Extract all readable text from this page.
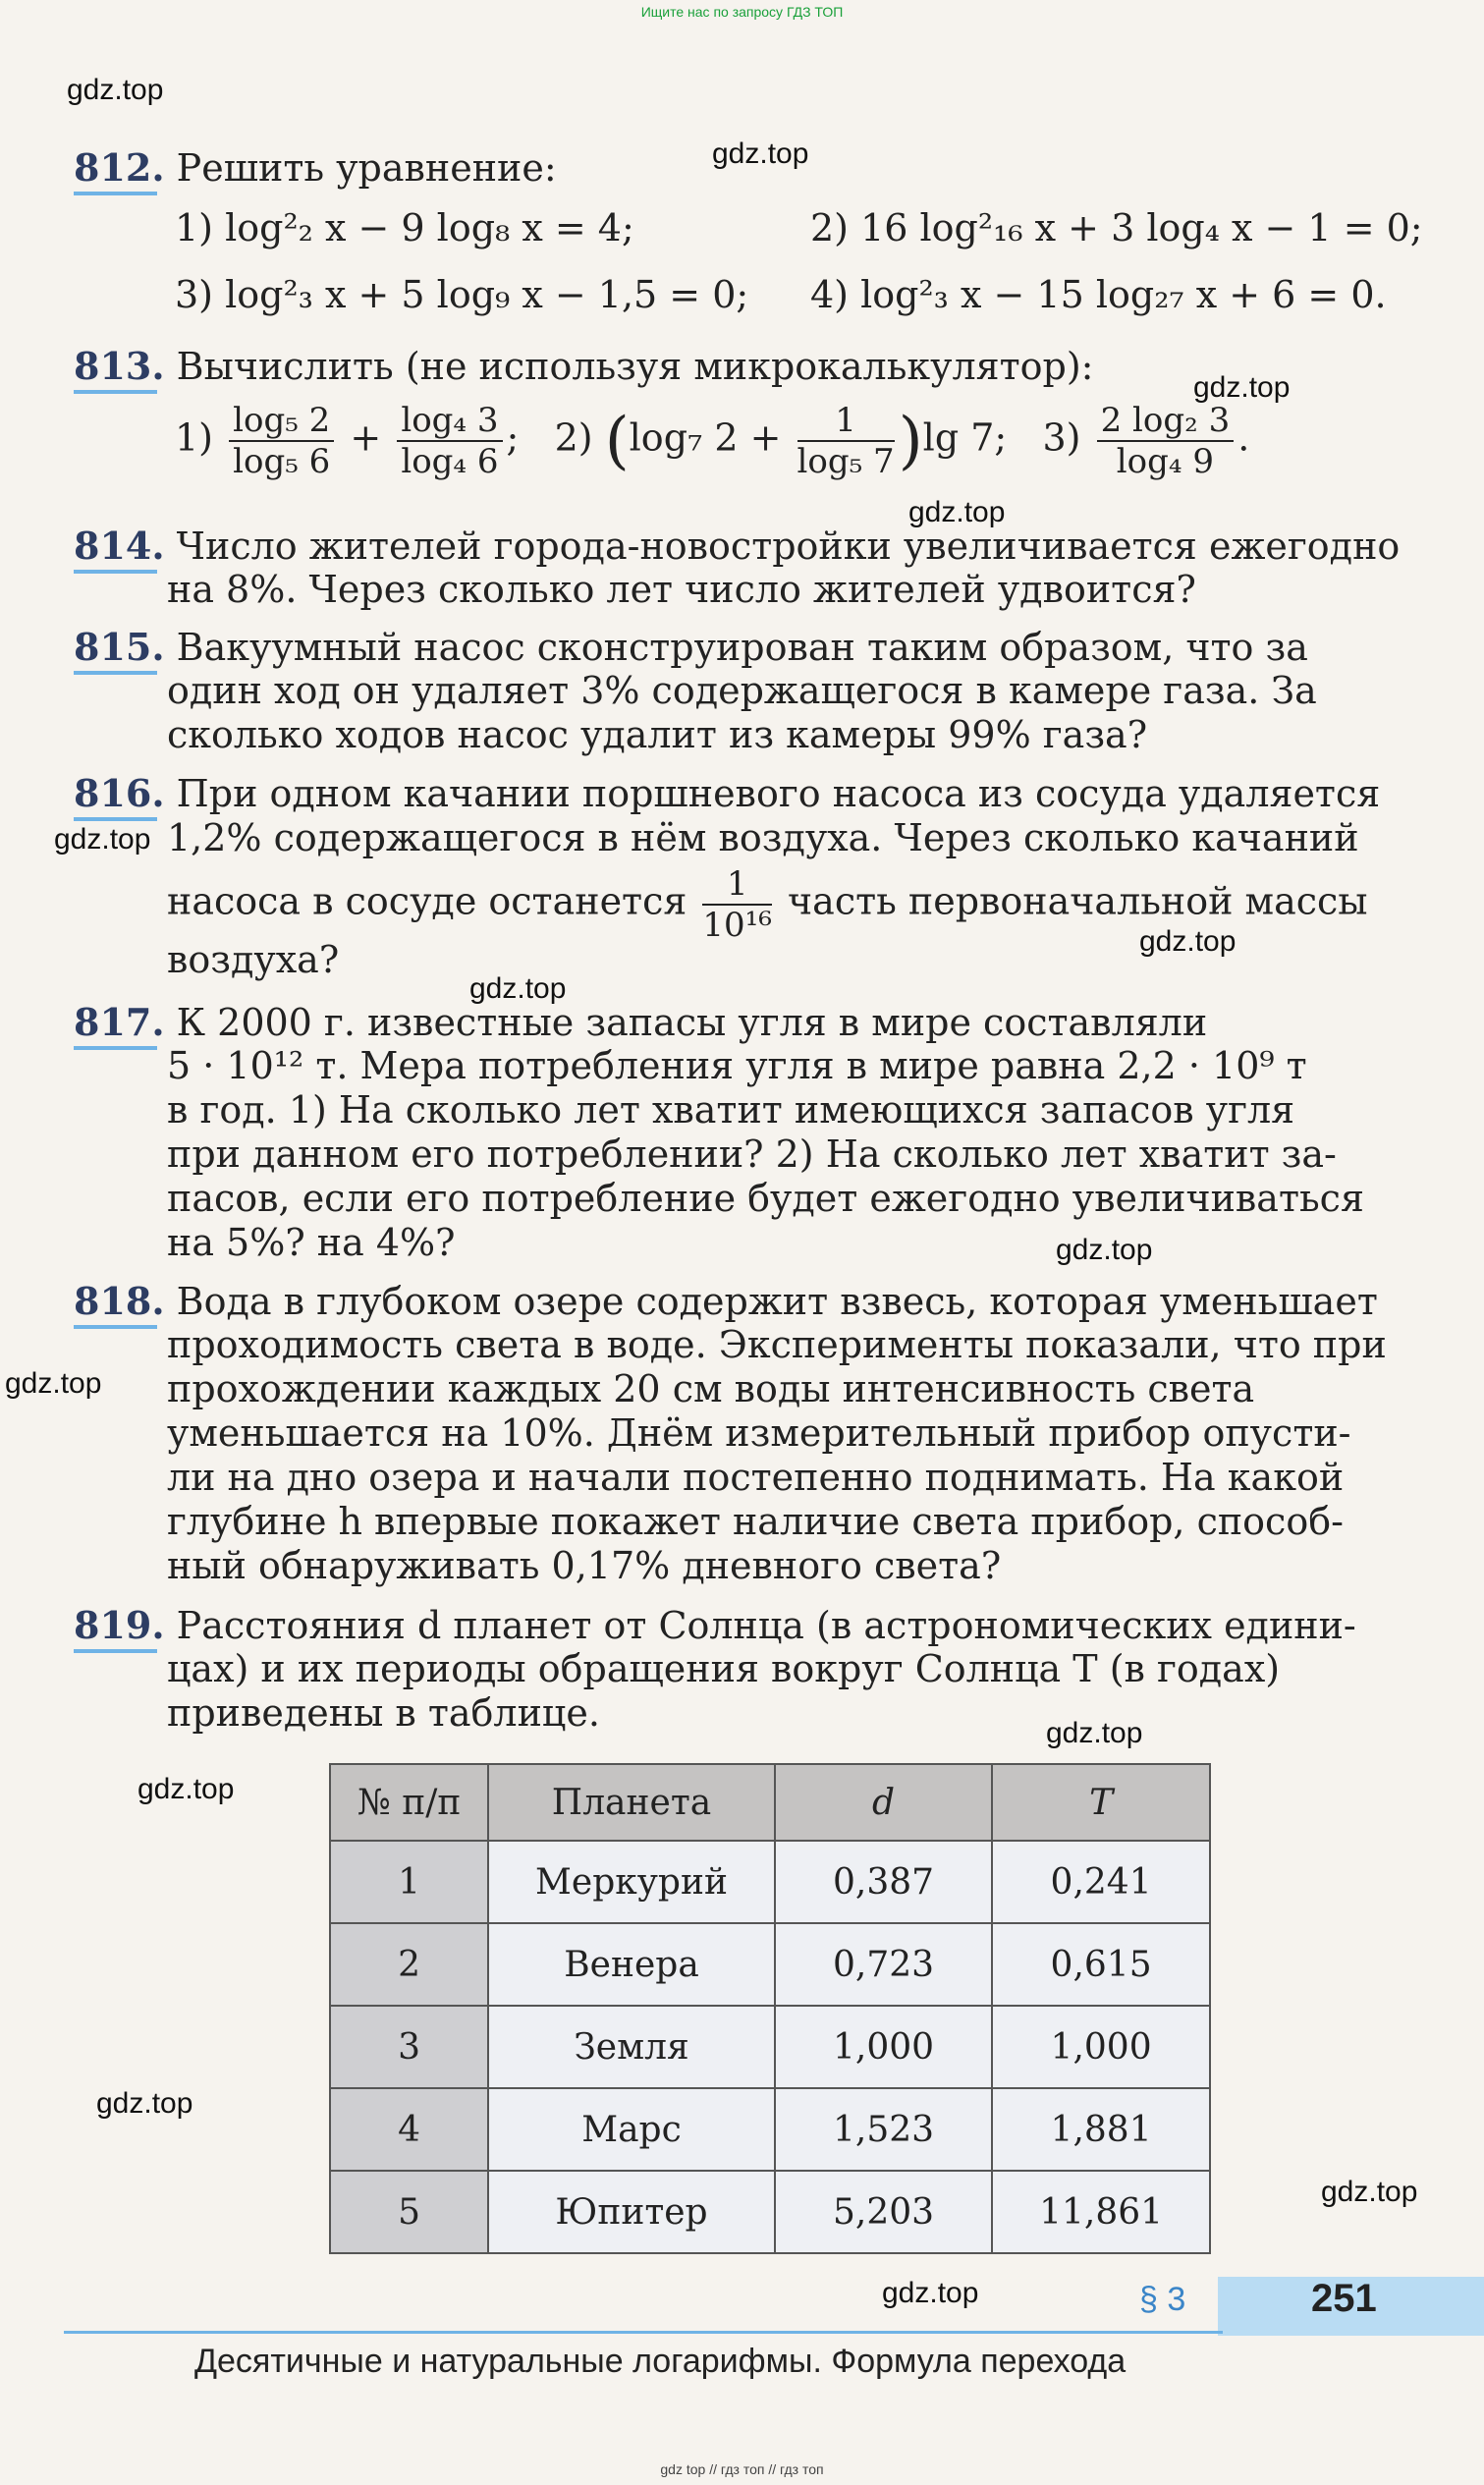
Ищите нас по запросу ГДЗ ТОП
gdz.top
gdz.top
gdz.top
gdz.top
gdz.top
gdz.top
gdz.top
gdz.top
gdz.top
gdz.top
gdz.top
gdz.top
gdz.top
gdz.top
812. Решить уравнение:
1) log²₂ x − 9 log₈ x = 4;	2) 16 log²₁₆ x + 3 log₄ x − 1 = 0;
3) log²₃ x + 5 log₉ x − 1,5 = 0; 4) log²₃ x − 15 log₂₇ x + 6 = 0.
813. Вычислить (не используя микрокалькулятор):
$1) \frac{\text{log₅ 2}}{\text{log₅ 6}} + \frac{\text{log₄ 3}}{\text{log₄ 6}}$ ; 2) (log₇ $2 + \frac{1}{\text{log₅ 7}} )\lg$ 7; $3) \frac{\text{2 log₂ 3}}{\text{log₄ 9}}$ .
814. Число жителей города-новостройки увеличивается ежегодно
на 8%. Через сколько лет число жителей удвоится?
815. Вакуумный насос сконструирован таким образом, что за
один ход он удаляет 3% содержащегося в камере газа. За
сколько ходов насос удалит из камеры 99% газа?
816. При одном качании поршневого насоса из сосуда удаляется
1,2% содержащегося в нём воздуха. Через сколько качаний
насоса в сосуде останется $\frac{1}{\text{10¹⁶}}$ часть первоначальной массы
воздуха?
817. К 2000 г. известные запасы угля в мире составляли
5 · 10¹² т. Мера потребления угля в мире равна 2,2 · 10⁹ т
в год. 1) На сколько лет хватит имеющихся запасов угля
при данном его потреблении? 2) На сколько лет хватит за-
пасов, если его потребление будет ежегодно увеличиваться
на 5%? на 4%?
818. Вода в глубоком озере содержит взвесь, которая уменьшает
проходимость света в воде. Эксперименты показали, что при
прохождении каждых 20 см воды интенсивность света
уменьшается на 10%. Днём измерительный прибор опусти-
ли на дно озера и начали постепенно поднимать. На какой
глубине h впервые покажет наличие света прибор, способ-
ный обнаруживать 0,17% дневного света?
819. Расстояния d планет от Солнца (в астрономических едини-
цах) и их периоды обращения вокруг Солнца T (в годах)
приведены в таблице.
№ п/п	Планета	d	T
1	Меркурий	0,387	0,241
2	Венера	0,723	0,615
3	Земля	1,000	1,000
4	Марс	1,523	1,881
5	Юпитер	5,203	11,861
§ 3	251
Десятичные и натуральные логарифмы. Формула перехода
gdz top // гдз топ // гдз топ
